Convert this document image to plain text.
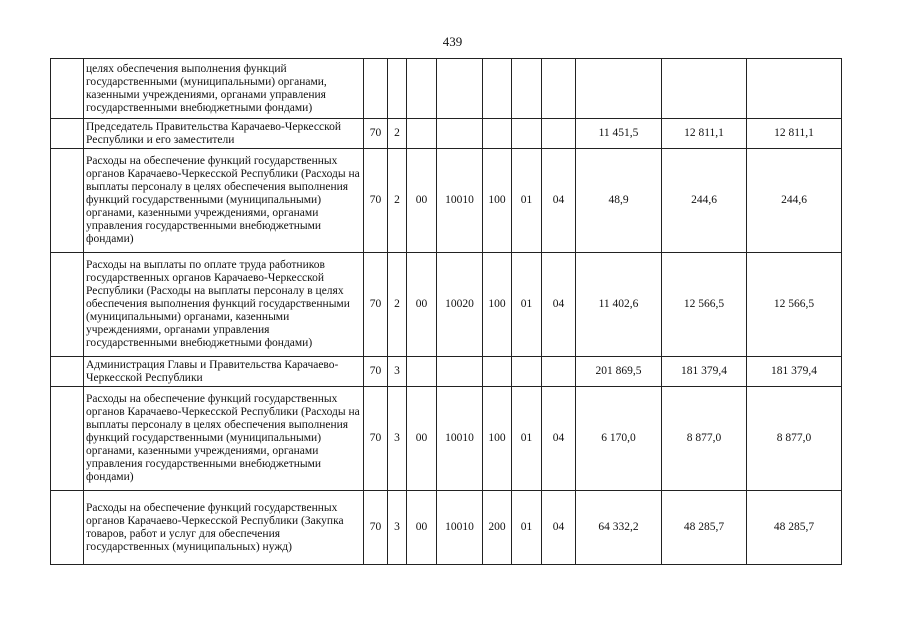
439
	целях обеспечения выполнения функций государственными (муниципальными) органами, казенными учреждениями, органами управления государственными внебюджетными фондами)										
	Председатель Правительства Карачаево-Черкесской Республики и его заместители	70	2						11 451,5	12 811,1	12 811,1
	Расходы на обеспечение функций государственных органов Карачаево-Черкесской Республики (Расходы на выплаты персоналу в целях обеспечения выполнения функций государственными (муниципальными) органами, казенными учреждениями, органами управления государственными внебюджетными фондами)	70	2	00	10010	100	01	04	48,9	244,6	244,6
	Расходы на выплаты по оплате труда работников государственных органов Карачаево-Черкесской Республики (Расходы на выплаты персоналу в целях обеспечения выполнения функций государственными (муниципальными) органами, казенными учреждениями, органами управления государственными внебюджетными фондами)	70	2	00	10020	100	01	04	11 402,6	12 566,5	12 566,5
	Администрация Главы и Правительства Карачаево-Черкесской Республики	70	3						201 869,5	181 379,4	181 379,4
	Расходы на обеспечение функций государственных органов Карачаево-Черкесской Республики (Расходы на выплаты персоналу в целях обеспечения выполнения функций государственными (муниципальными) органами, казенными учреждениями, органами управления государственными внебюджетными фондами)	70	3	00	10010	100	01	04	6 170,0	8 877,0	8 877,0
	Расходы на обеспечение функций государственных органов Карачаево-Черкесской Республики (Закупка товаров, работ и услуг для обеспечения государственных (муниципальных) нужд)	70	3	00	10010	200	01	04	64 332,2	48 285,7	48 285,7
